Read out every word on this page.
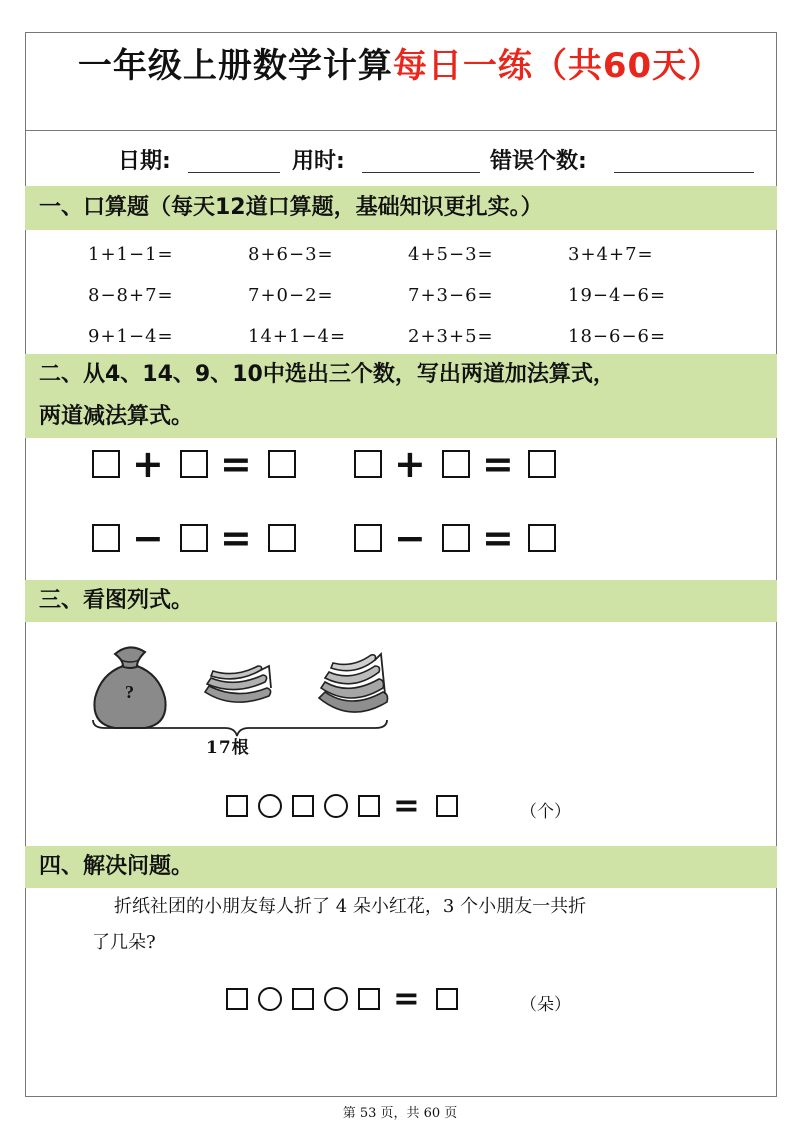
一年级上册数学计算每日一练（共60天）
日期:	用时:	错误个数:
一、口算题（每天12道口算题，基础知识更扎实。）
1+1−1=	8+6−3=	4+5−3=	3+4+7=
8−8+7=	7+0−2=	7+3−6=	19−4−6=
9+1−4=	14+1−4=	2+3+5=	18−6−6=
二、从4、14、9、10中选出三个数，写出两道加法算式，
两道减法算式。
+ =	+ =
− =	− =
三、看图列式。
?
17根
=	（个）
四、解决问题。
折纸社团的小朋友每人折了 4 朵小红花，3 个小朋友一共折
了几朵?
=	（朵）
第 53 页，共 60 页
